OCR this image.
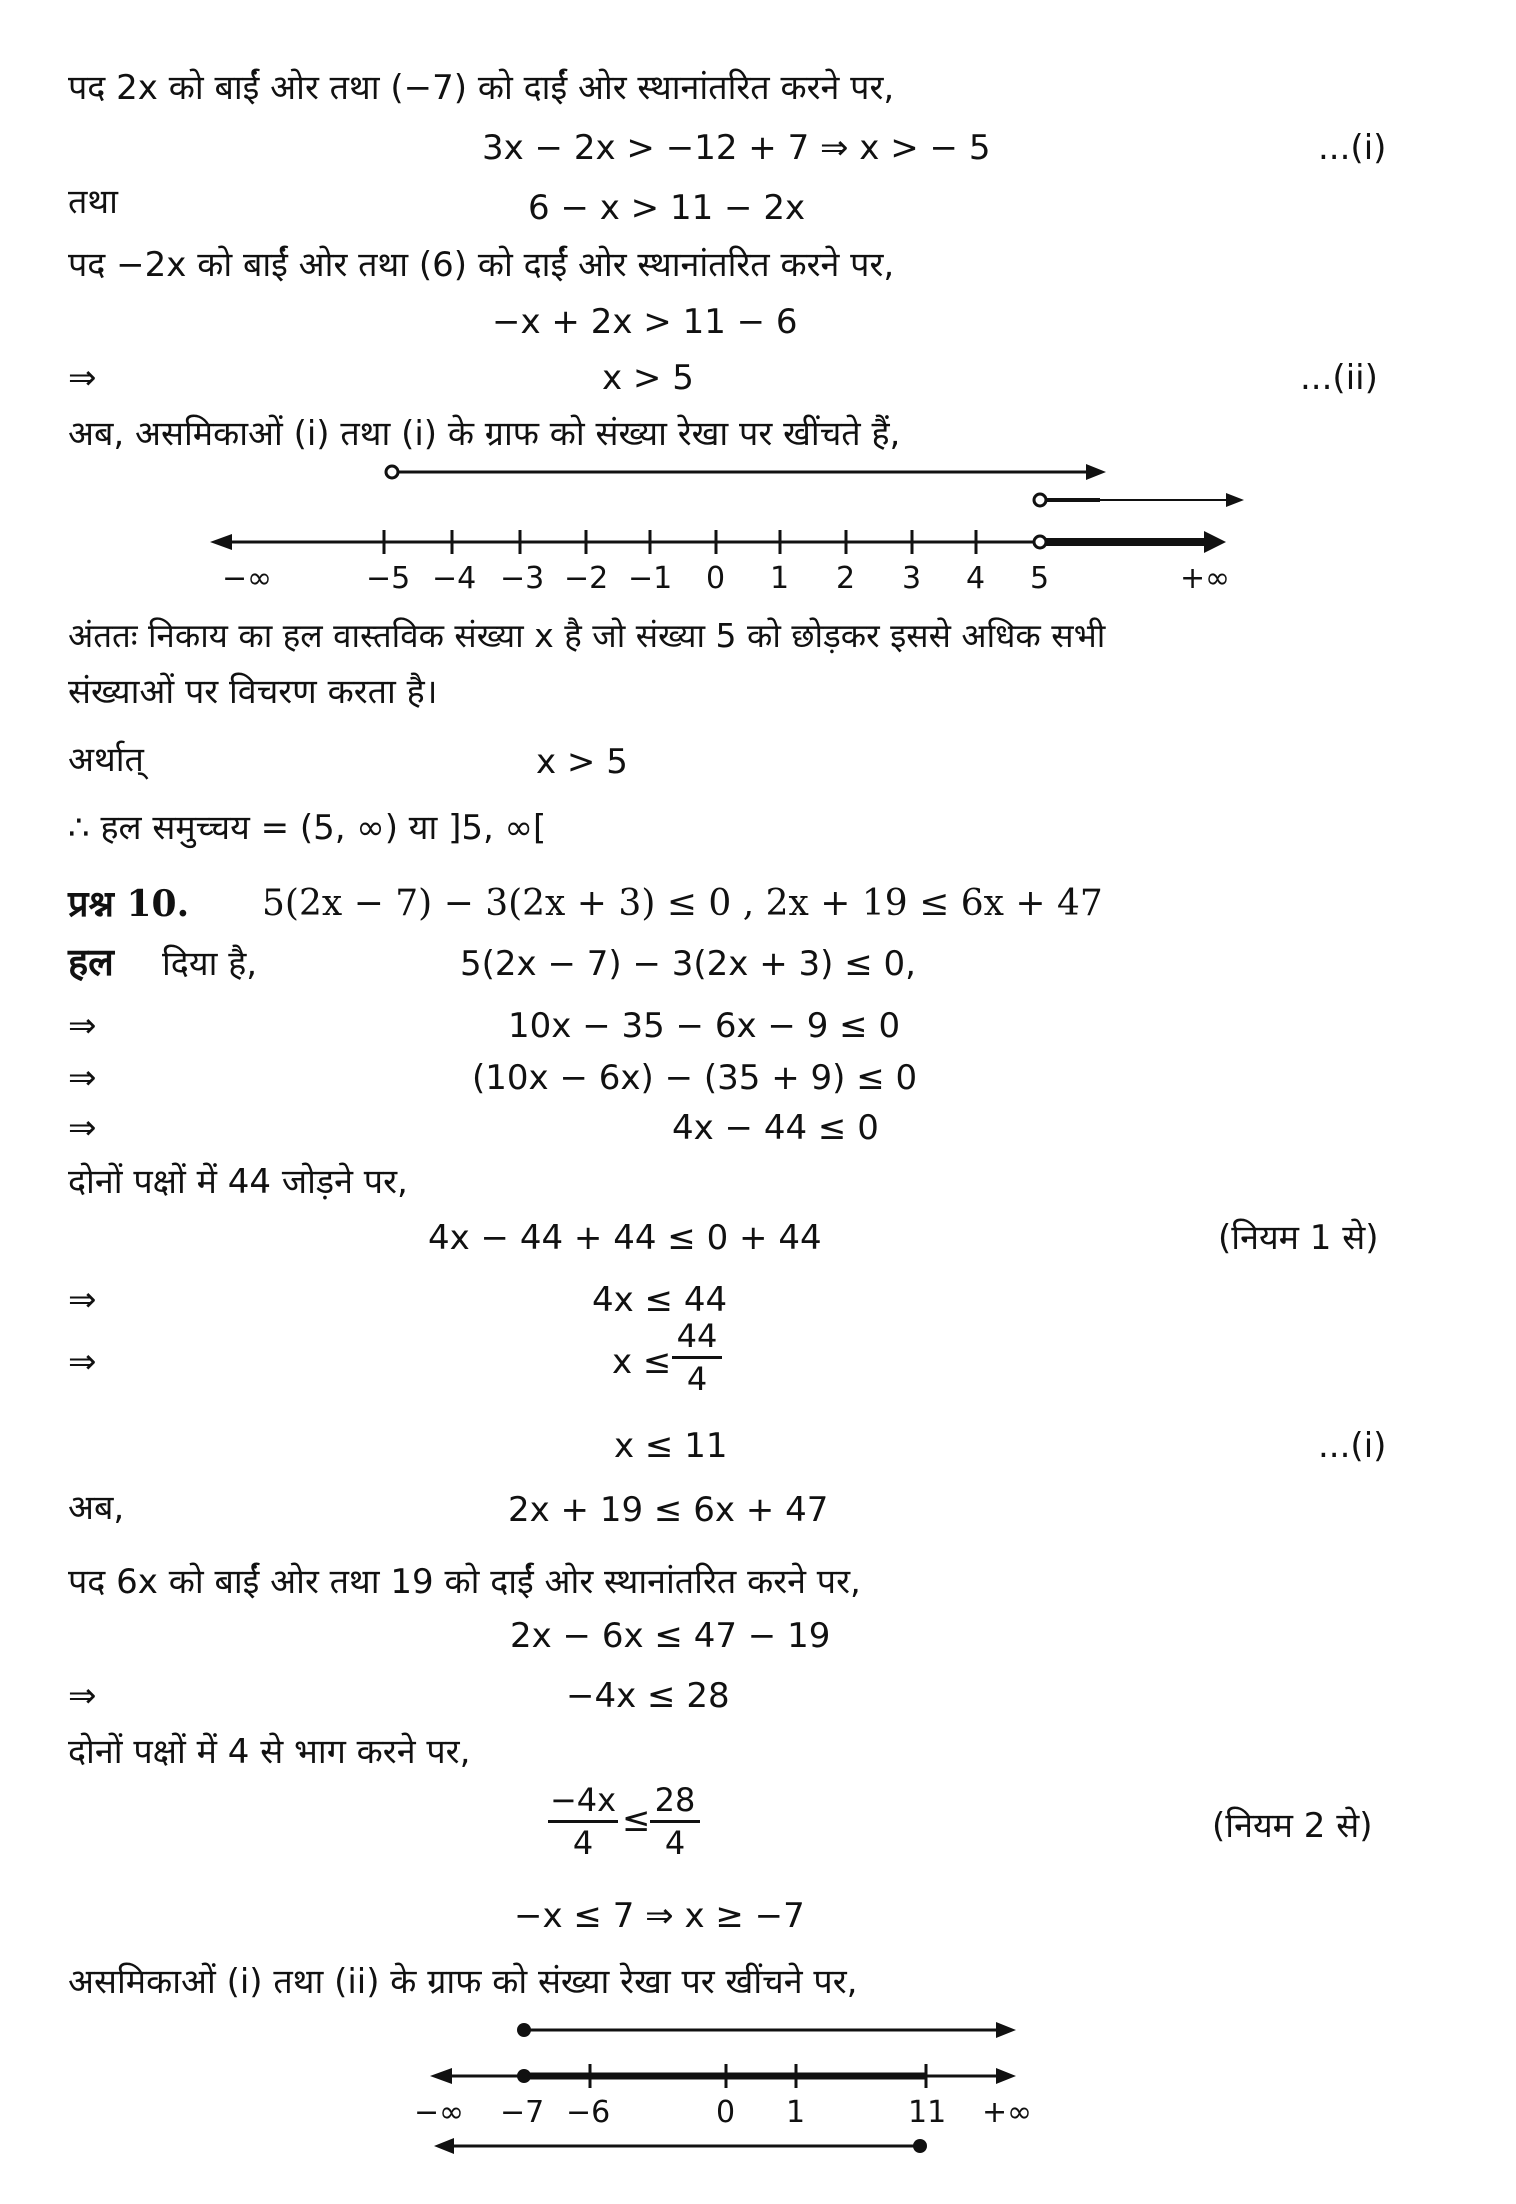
पद 2x को बाईं ओर तथा (−7) को दाईं ओर स्थानांतरित करने पर,
3x − 2x > −12 + 7 ⇒ x > − 5	...(i)
तथा	6 − x > 11 − 2x
पद −2x को बाईं ओर तथा (6) को दाईं ओर स्थानांतरित करने पर,
−x + 2x > 11 − 6
⇒	x > 5	...(ii)
अब, असमिकाओं (i) तथा (i) के ग्राफ को संख्या रेखा पर खींचते हैं,
−∞	−5 −4 −3 −2 −1 0 1 2 3 4 5	+∞
−∞ −7 −6	0 1	11 +∞
अंततः निकाय का हल वास्तविक संख्या x है जो संख्या 5 को छोड़कर इससे अधिक सभी
संख्याओं पर विचरण करता है।
अर्थात्	x > 5
∴ हल समुच्चय = (5, ∞) या ]5, ∞[
प्रश्न 10. 5(2x − 7) − 3(2x + 3) ≤ 0 , 2x + 19 ≤ 6x + 47
हल दिया है,	5(2x − 7) − 3(2x + 3) ≤ 0,
⇒	10x − 35 − 6x − 9 ≤ 0
⇒	(10x − 6x) − (35 + 9) ≤ 0
⇒	4x − 44 ≤ 0
दोनों पक्षों में 44 जोड़ने पर,
4x − 44 + 44 ≤ 0 + 44	(नियम 1 से)
⇒	4x ≤ 44
⇒	x ≤
44
4
x ≤ 11	...(i)
अब,	2x + 19 ≤ 6x + 47
पद 6x को बाईं ओर तथा 19 को दाईं ओर स्थानांतरित करने पर,
2x − 6x ≤ 47 − 19
⇒	−4x ≤ 28
दोनों पक्षों में 4 से भाग करने पर,
−4x
4
≤ 28
4	(नियम 2 से)
−x ≤ 7 ⇒ x ≥ −7
असमिकाओं (i) तथा (ii) के ग्राफ को संख्या रेखा पर खींचने पर,
